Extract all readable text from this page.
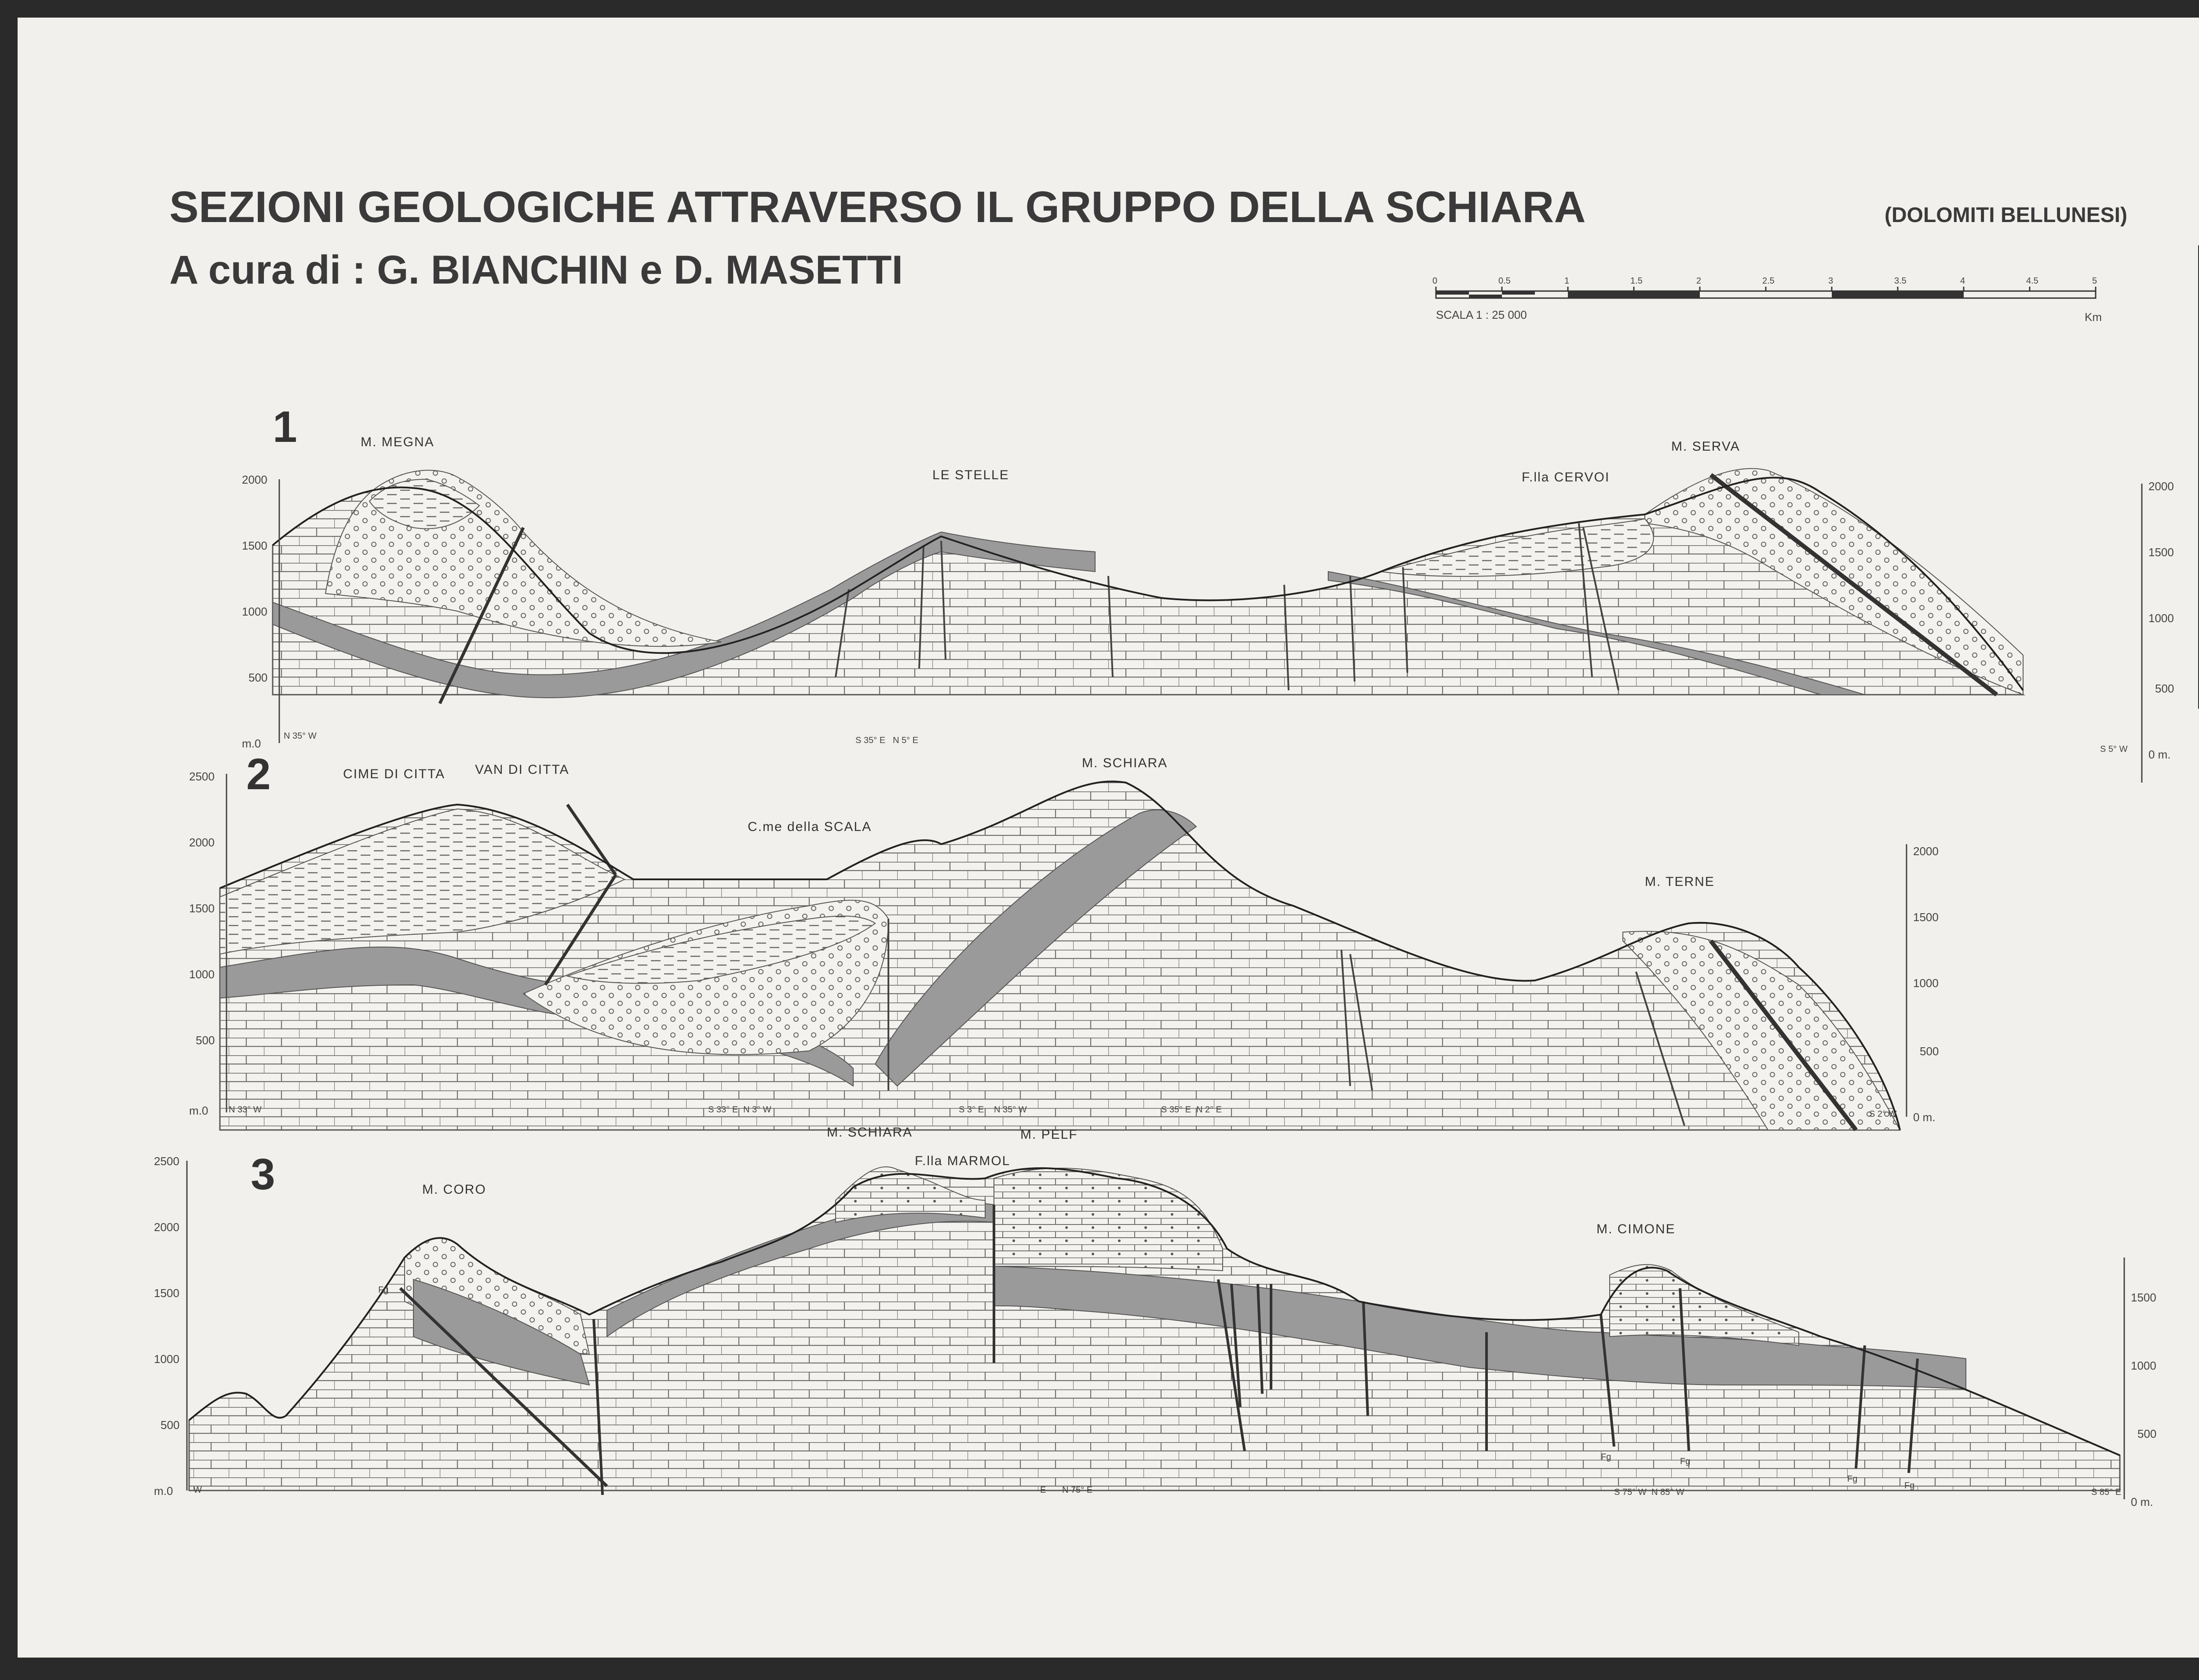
SEZIONI GEOLOGICHE ATTRAVERSO IL GRUPPO DELLA SCHIARA	(DOLOMITI BELLUNESI)
A cura di : G. BIANCHIN e D. MASETTI	0	0.5	1	1.5	2	2.5	3	3.5	4	4.5	5
SCALA 1 : 25 000	Km
1	M. MEGNA
LE STELLE	F.lla CERVOI
M. SERVA
2000
1500
1000
500
m.0
2000
1500
1000
500
0 m.
N 35° W	S 35° E N 5° E
S 5° W
2	CIME DI CITTA VAN DI CITTA
C.me della SCALA
M. SCHIARA
M. TERNE
2500
2000
1500
1000
500
m.0
2000
1500
1000
500
0 m.
N 33° W	S 33° E N 3° W	S 3° E N 35° W	S 35° E N 2° E	S 2° W
3	M. CORO
M. SCHIARA
F.lla MARMOL
M. PELF
M. CIMONE
2500
2000
1500
1000
500
m.0
1500
1000
500
0 m.
W	E N 75° E	S 75° W N 85° W	S 85° E
Fg
Fg	Fg
Fg
Fg
